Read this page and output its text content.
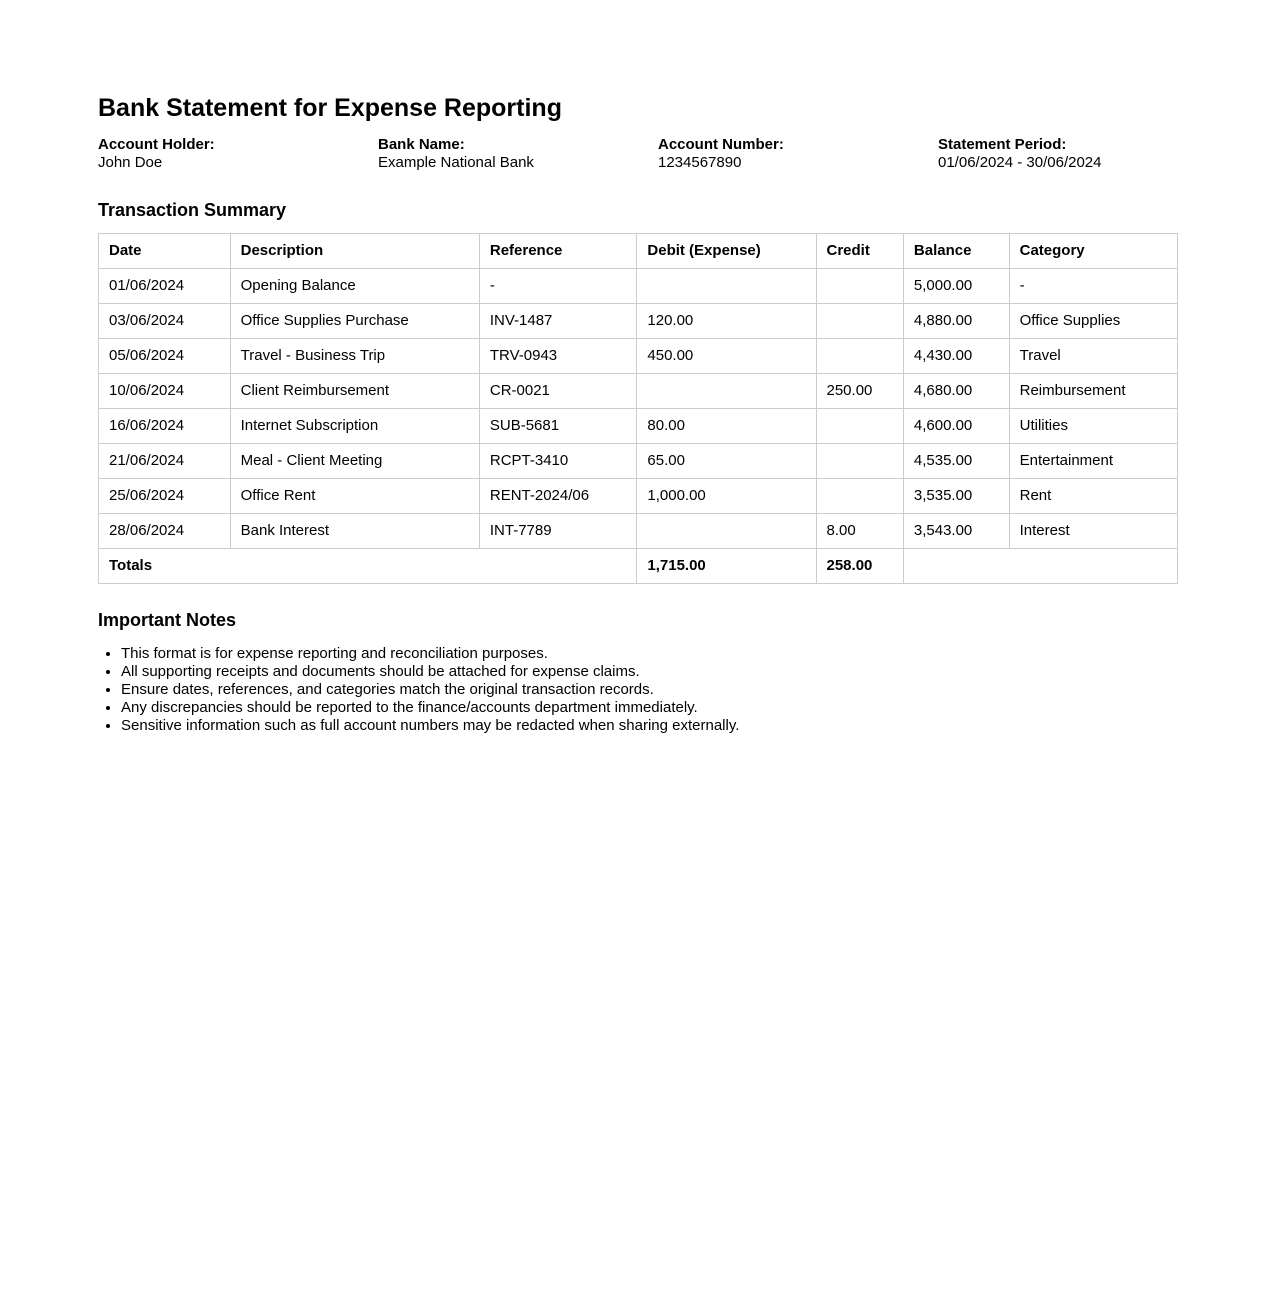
Bank Statement for Expense Reporting
Account Holder:
John Doe
Bank Name:
Example National Bank
Account Number:
1234567890
Statement Period:
01/06/2024 - 30/06/2024
Transaction Summary
Date	Description	Reference	Debit (Expense)	Credit	Balance	Category
01/06/2024	Opening Balance	-			5,000.00	-
03/06/2024	Office Supplies Purchase	INV-1487	120.00		4,880.00	Office Supplies
05/06/2024	Travel - Business Trip	TRV-0943	450.00		4,430.00	Travel
10/06/2024	Client Reimbursement	CR-0021		250.00	4,680.00	Reimbursement
16/06/2024	Internet Subscription	SUB-5681	80.00		4,600.00	Utilities
21/06/2024	Meal - Client Meeting	RCPT-3410	65.00		4,535.00	Entertainment
25/06/2024	Office Rent	RENT-2024/06	1,000.00		3,535.00	Rent
28/06/2024	Bank Interest	INT-7789		8.00	3,543.00	Interest
Totals			1,715.00	258.00		
Important Notes
• This format is for expense reporting and reconciliation purposes.
• All supporting receipts and documents should be attached for expense claims.
• Ensure dates, references, and categories match the original transaction records.
• Any discrepancies should be reported to the finance/accounts department immediately.
• Sensitive information such as full account numbers may be redacted when sharing externally.
